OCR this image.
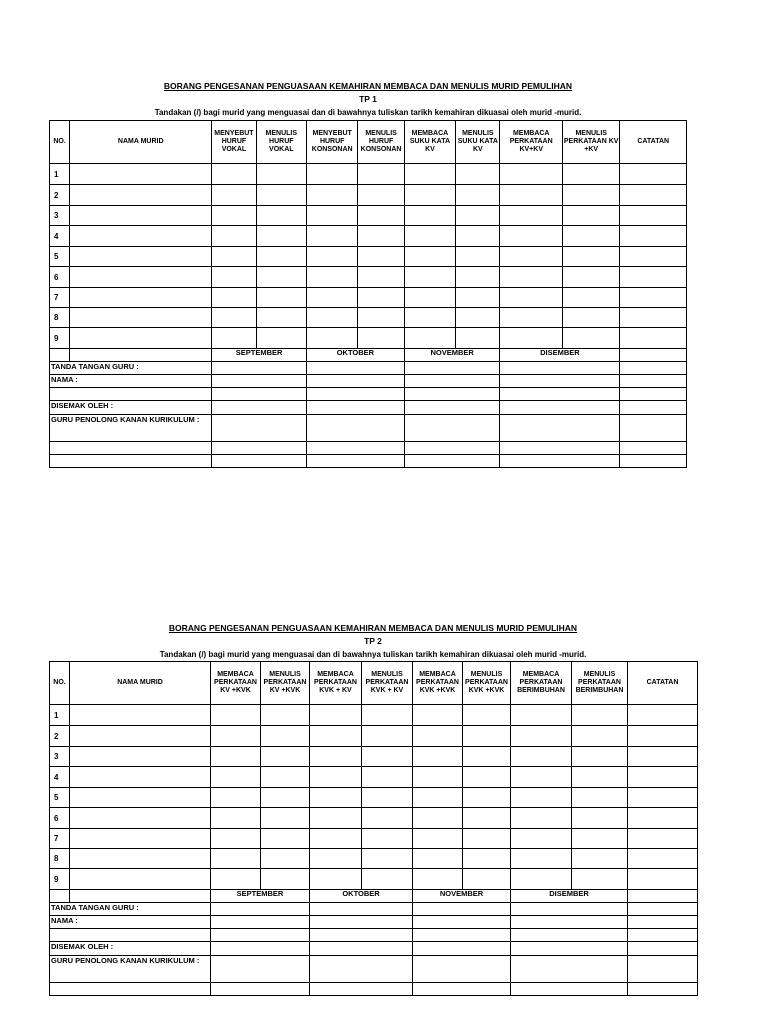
BORANG PENGESANAN PENGUASAAN KEMAHIRAN MEMBACA DAN MENULIS MURID PEMULIHAN
TP 1
Tandakan (/) bagi murid yang menguasai dan di bawahnya tuliskan tarikh kemahiran dikuasai oleh murid -murid.
NO.	NAMA MURID	MENYEBUT HURUF VOKAL	MENULIS HURUF VOKAL	MENYEBUT HURUF KONSONAN	MENULIS HURUF KONSONAN	MEMBACA SUKU KATA KV	MENULIS SUKU KATA KV	MEMBACA PERKATAAN KV+KV	MENULIS PERKATAAN KV +KV	CATATAN
1										
2										
3										
4										
5										
6										
7										
8										
9										
		SEPTEMBER		OKTOBER		NOVEMBER		DISEMBER		
TANDA TANGAN GURU :										
NAMA :										

DISEMAK OLEH :										
GURU PENOLONG KANAN KURIKULUM :										

BORANG PENGESANAN PENGUASAAN KEMAHIRAN MEMBACA DAN MENULIS MURID PEMULIHAN
TP 2
Tandakan (/) bagi murid yang menguasai dan di bawahnya tuliskan tarikh kemahiran dikuasai oleh murid -murid.
NO.	NAMA MURID	MEMBACA PERKATAAN KV +KVK	MENULIS PERKATAAN KV +KVK	MEMBACA PERKATAAN KVK + KV	MENULIS PERKATAAN KVK + KV	MEMBACA PERKATAAN KVK +KVK	MENULIS PERKATAAN KVK +KVK	MEMBACA PERKATAAN BERIMBUHAN	MENULIS PERKATAAN BERIMBUHAN	CATATAN
1										
2										
3										
4										
5										
6										
7										
8										
9										
		SEPTEMBER		OKTOBER		NOVEMBER		DISEMBER		
TANDA TANGAN GURU :										
NAMA :										

DISEMAK OLEH :										
GURU PENOLONG KANAN KURIKULUM :										
